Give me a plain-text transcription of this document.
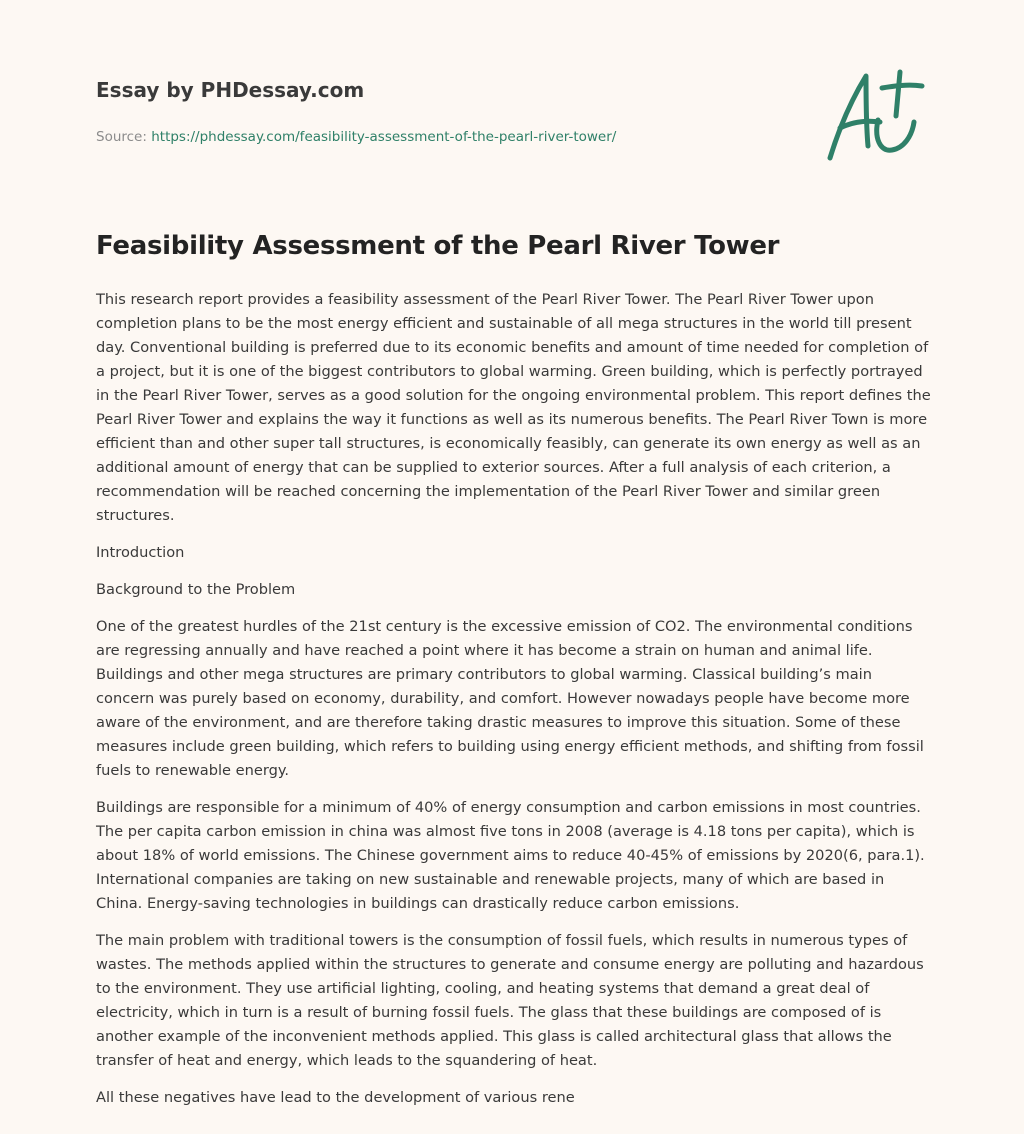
Essay by PHDessay.com
Source: https://phdessay.com/feasibility-assessment-of-the-pearl-river-tower/
Feasibility Assessment of the Pearl River Tower

This research report provides a feasibility assessment of the Pearl River Tower. The Pearl River Tower upon completion plans to be the most energy efficient and sustainable of all mega structures in the world till present day. Conventional building is preferred due to its economic benefits and amount of time needed for completion of a project, but it is one of the biggest contributors to global warming. Green building, which is perfectly portrayed in the Pearl River Tower, serves as a good solution for the ongoing environmental problem. This report defines the Pearl River Tower and explains the way it functions as well as its numerous benefits. The Pearl River Town is more efficient than and other super tall structures, is economically feasibly, can generate its own energy as well as an additional amount of energy that can be supplied to exterior sources. After a full analysis of each criterion, a recommendation will be reached concerning the implementation of the Pearl River Tower and similar green structures.

Introduction

Background to the Problem

One of the greatest hurdles of the 21st century is the excessive emission of CO2. The environmental conditions are regressing annually and have reached a point where it has become a strain on human and animal life. Buildings and other mega structures are primary contributors to global warming. Classical building’s main concern was purely based on economy, durability, and comfort. However nowadays people have become more aware of the environment, and are therefore taking drastic measures to improve this situation. Some of these measures include green building, which refers to building using energy efficient methods, and shifting from fossil fuels to renewable energy.

Buildings are responsible for a minimum of 40% of energy consumption and carbon emissions in most countries. The per capita carbon emission in china was almost five tons in 2008 (average is 4.18 tons per capita), which is about 18% of world emissions. The Chinese government aims to reduce 40-45% of emissions by 2020(6, para.1). International companies are taking on new sustainable and renewable projects, many of which are based in China. Energy-saving technologies in buildings can drastically reduce carbon emissions.

The main problem with traditional towers is the consumption of fossil fuels, which results in numerous types of wastes. The methods applied within the structures to generate and consume energy are polluting and hazardous to the environment. They use artificial lighting, cooling, and heating systems that demand a great deal of electricity, which in turn is a result of burning fossil fuels. The glass that these buildings are composed of is another example of the inconvenient methods applied. This glass is called architectural glass that allows the transfer of heat and energy, which leads to the squandering of heat.

All these negatives have lead to the development of various rene
